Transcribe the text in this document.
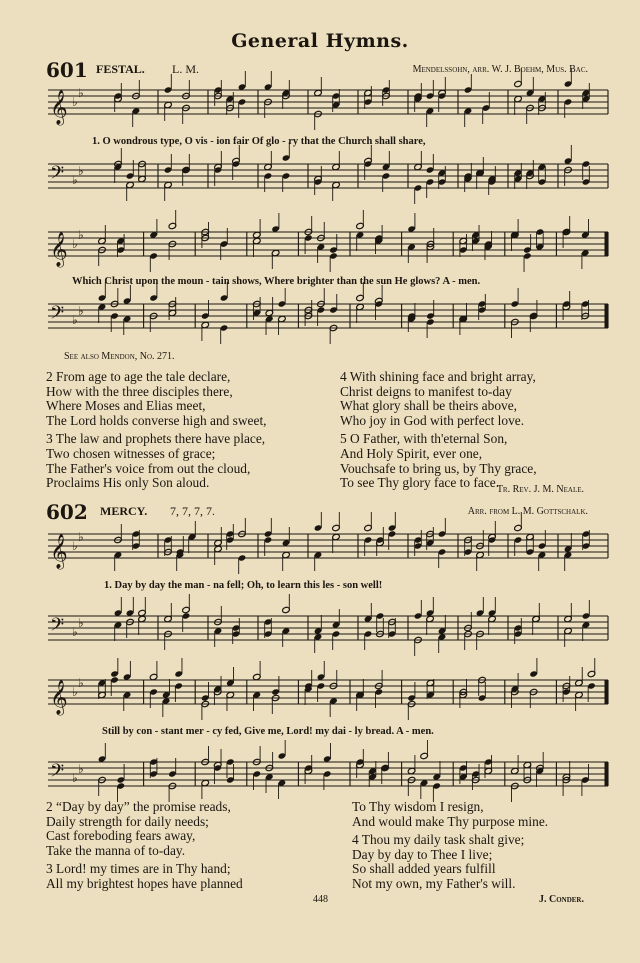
General Hymns.
601 FESTAL. L. M.	Mendelssohn, arr. W. J. Boehm, Mus. Bac.
𝄞 ♭
♭
1. O wondrous type, O vis - ion fair Of glo - ry that the Church shall share,
𝄢 ♭
♭
𝄞 ♭
♭
Which Christ upon the moun - tain shows, Where brighter than the sun He glows? A - men.
𝄢 ♭
♭
See also Mendon, No. 271.
2 From age to age the tale declare,
How with the three disciples there,
Where Moses and Elias meet,
The Lord holds converse high and sweet,
3 The law and prophets there have place,
Two chosen witnesses of grace;
The Father's voice from out the cloud,
Proclaims His only Son aloud.
4 With shining face and bright array,
Christ deigns to manifest to-day
What glory shall be theirs above,
Who joy in God with perfect love.
5 O Father, with th'eternal Son,
And Holy Spirit, ever one,
Vouchsafe to bring us, by Thy grace,
To see Thy glory face to face.
Tr. Rev. J. M. Neale.
602 MERCY. 7, 7, 7, 7.	Arr. from L. M. Gottschalk.
𝄞 ♭
♭
1. Day by day the man - na fell; Oh, to learn this les - son well!
𝄢 ♭
♭
𝄞 ♭
♭
Still by con - stant mer - cy fed, Give me, Lord! my dai - ly bread. A - men.
𝄢 ♭
♭
2 “Day by day” the promise reads,
Daily strength for daily needs;
Cast foreboding fears away,
Take the manna of to-day.
3 Lord! my times are in Thy hand;
All my brightest hopes have planned
To Thy wisdom I resign,
And would make Thy purpose mine.
4 Thou my daily task shalt give;
Day by day to Thee I live;
So shall added years fulfill
Not my own, my Father's will.
448	J. Conder.
